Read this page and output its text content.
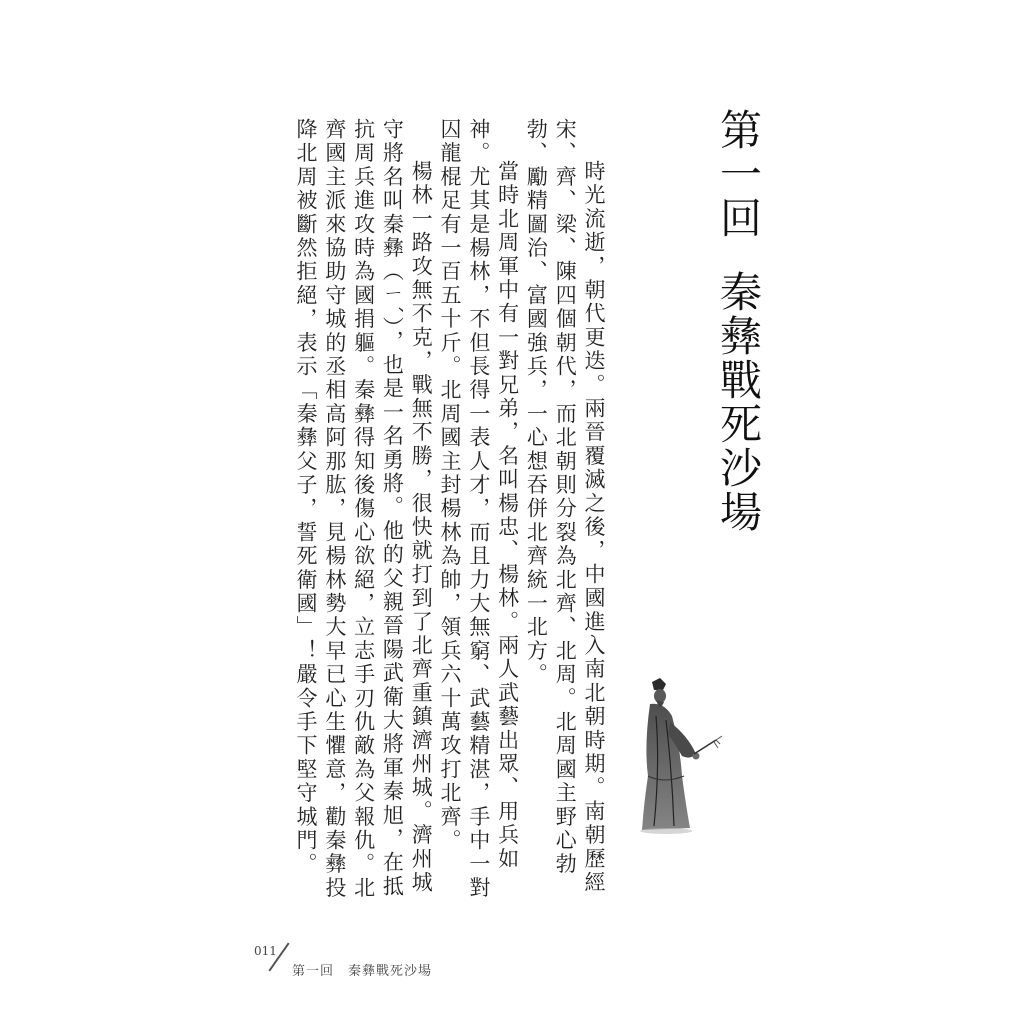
第一回秦彝戰死沙場

時光流逝，朝代更迭。兩晉覆滅之後，中國進入南北朝時期。南朝歷經宋、齊、梁、陳四個朝代，而北朝則分裂為北齊、北周。北周國主野心勃勃、勵精圖治、富國強兵，一心想吞併北齊統一北方。

當時北周軍中有一對兄弟，名叫楊忠、楊林。兩人武藝出眾、用兵如神。尤其是楊林，不但長得一表人才，而且力大無窮、武藝精湛，手中一對囚龍棍足有一百五十斤。北周國主封楊林為帥，領兵六十萬攻打北齊。

楊林一路攻無不克，戰無不勝，很快就打到了北齊重鎮濟州城。濟州城守將名叫秦彝（ㄧˊ），也是一名勇將。他的父親晉陽武衛大將軍秦旭，在抵抗周兵進攻時為國捐軀。秦彝得知後傷心欲絕，立志手刃仇敵為父報仇。北齊國主派來協助守城的丞相高阿那肱，見楊林勢大早已心生懼意，勸秦彝投降北周被斷然拒絕，表示「秦彝父子，誓死衛國」！嚴令手下堅守城門。

011
第一回　秦彝戰死沙場
